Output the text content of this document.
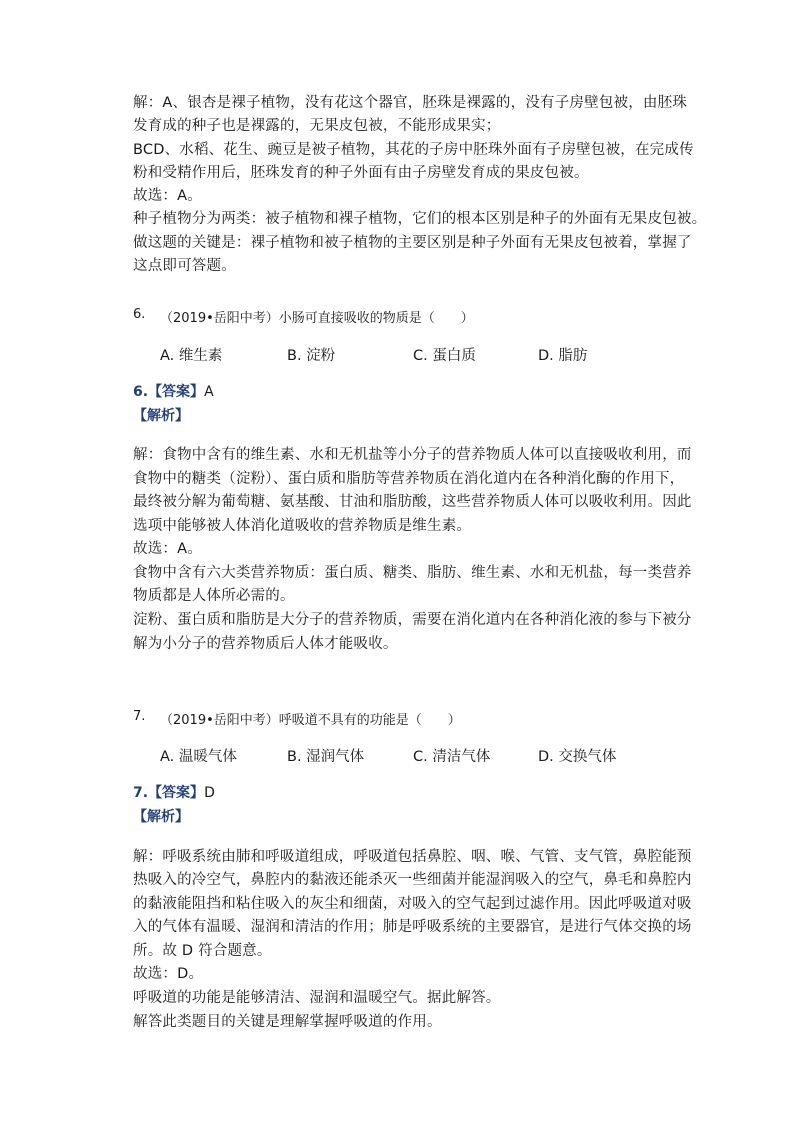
解：A、银杏是裸子植物，没有花这个器官，胚珠是裸露的，没有子房壁包被，由胚珠
发育成的种子也是裸露的，无果皮包被，不能形成果实；
BCD、水稻、花生、豌豆是被子植物，其花的子房中胚珠外面有子房壁包被，在完成传
粉和受精作用后，胚珠发育的种子外面有由子房壁发育成的果皮包被。
故选：A。
种子植物分为两类：被子植物和裸子植物，它们的根本区别是种子的外面有无果皮包被。
做这题的关键是：裸子植物和被子植物的主要区别是种子外面有无果皮包被着，掌握了
这点即可答题。
6. （2019•岳阳中考）小肠可直接吸收的物质是（　　）
A. 维生素	B. 淀粉	C. 蛋白质	D. 脂肪
6.【答案】A
【解析】
解：食物中含有的维生素、水和无机盐等小分子的营养物质人体可以直接吸收利用，而
食物中的糖类（淀粉）、蛋白质和脂肪等营养物质在消化道内在各种消化酶的作用下，
最终被分解为葡萄糖、氨基酸、甘油和脂肪酸，这些营养物质人体可以吸收利用。因此
选项中能够被人体消化道吸收的营养物质是维生素。
故选：A。
食物中含有六大类营养物质：蛋白质、糖类、脂肪、维生素、水和无机盐，每一类营养
物质都是人体所必需的。
淀粉、蛋白质和脂肪是大分子的营养物质，需要在消化道内在各种消化液的参与下被分
解为小分子的营养物质后人体才能吸收。
7. （2019•岳阳中考）呼吸道不具有的功能是（　　）
A. 温暖气体	B. 湿润气体	C. 清洁气体	D. 交换气体
7.【答案】D
【解析】
解：呼吸系统由肺和呼吸道组成，呼吸道包括鼻腔、咽、喉、气管、支气管，鼻腔能预
热吸入的冷空气，鼻腔内的黏液还能杀灭一些细菌并能湿润吸入的空气，鼻毛和鼻腔内
的黏液能阻挡和粘住吸入的灰尘和细菌，对吸入的空气起到过滤作用。因此呼吸道对吸
入的气体有温暖、湿润和清洁的作用；肺是呼吸系统的主要器官，是进行气体交换的场
所。故 D 符合题意。
故选：D。
呼吸道的功能是能够清洁、湿润和温暖空气。据此解答。
解答此类题目的关键是理解掌握呼吸道的作用。
